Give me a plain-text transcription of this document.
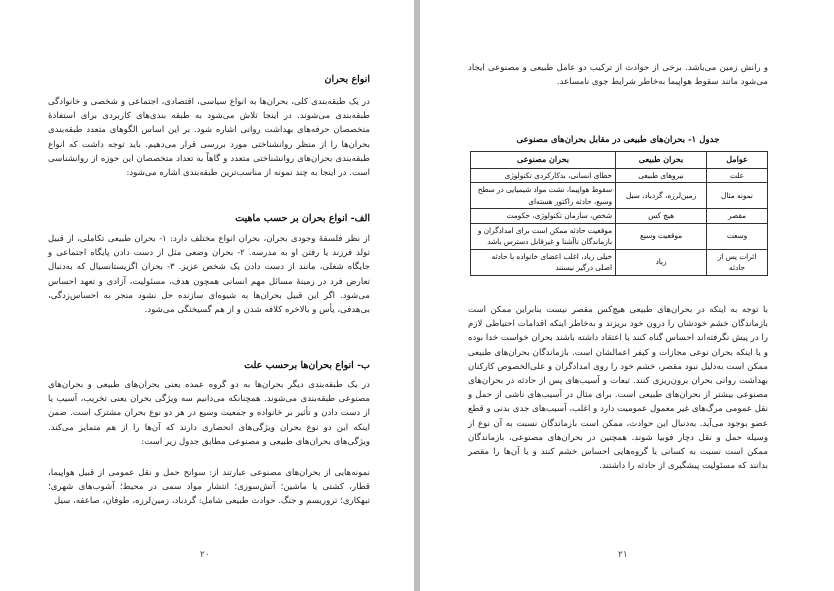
انواع بحران
در یک طبقه‌بندی کلی، بحران‌ها به انواع سیاسی، اقتصادی، اجتماعی و شخصی و خانوادگی طبقه‌بندی می‌شوند. در اینجا تلاش می‌شود به طبقه بندی‌های کاربردی برای استفادهٔ متخصصان حرفه‌های بهداشت روانی اشاره شود. بر این اساس الگوهای متعدد طبقه‌بندی بحران‌ها را از منظر روانشناختی مورد بررسی قرار می‌دهیم. باید توجه داشت که انواع طبقه‌بندی بحران‌های روانشناختی متعدد و گاهاً به تعداد متخصصان این حوزه از روانشناسی است. در اینجا به چند نمونه از مناسب‌ترین طبقه‌بندی اشاره می‌شود:
الف- انواع بحران بر حسب ماهیت
از نظر فلسفهٔ وجودی بحران، بحران انواع مختلف دارد: ۱- بحران طبیعی تکاملی، از قبیل تولد فرزند یا رفتن او به مدرسه. ۲- بحران وضعی مثل از دست دادن پایگاه اجتماعی و جایگاه شغلی، مانند از دست دادن یک شخص عزیز. ۳- بحران اگزیستانسیال که به‌دنبال تعارض فرد در زمینهٔ مسائل مهم انسانی همچون هدف، مسئولیت، آزادی و تعهد احساس می‌شود. اگر این قبیل بحران‌ها به شیوه‌ای سازنده حل نشود منجر به احساس‌زدگی، بی‌هدفی، یأس و بالاخره کلافه شدن و از هم گسیختگی می‌شود.
ب- انواع بحران‌ها برحسب علت
در یک طبقه‌بندی دیگر بحران‌ها به دو گروه عمده یعنی بحران‌های طبیعی و بحران‌های مصنوعی طبقه‌بندی می‌شوند. همچنانکه می‌دانیم سه ویژگی بحران یعنی تخریب، آسیب یا از دست دادن و تأثیر بر خانواده و جمعیت وسیع در هر دو نوع بحران مشترک است. ضمن اینکه این دو نوع بحران ویژگی‌های انحصاری دارند که آن‌ها را از هم متمایز می‌کند. ویژگی‌های بحران‌های طبیعی و مصنوعی مطابق جدول زیر است:
نمونه‌هایی از بحران‌های مصنوعی عبارتند از: سوانح حمل و نقل عمومی از قبیل هواپیما، قطار، کشتی یا ماشین؛ آتش‌سوزی؛ انتشار مواد سمی در محیط؛ آشوب‌های شهری؛ تبهکاری؛ تروریسم و جنگ. حوادث طبیعی شامل: گردباد، زمین‌لرزه، طوفان، صاعقه، سیل
۲۰
و رانش زمین می‌باشد. برخی از حوادث از ترکیب دو عامل طبیعی و مصنوعی ایجاد می‌شود مانند سقوط هواپیما به‌خاطر شرایط جوی نامساعد.
جدول ۱- بحران‌های طبیعی در مقابل بحران‌های مصنوعی
عوامل	بحران طبیعی	بحران مصنوعی
علت	نیروهای طبیعی	خطای انسانی، بدکارکردی تکنولوژی
نمونه مثال	زمین‌لرزه، گردباد، سیل	سقوط هواپیما، نشت مواد شیمیایی در سطح وسیع، حادثه راکتور هسته‌ای
مقصر	هیچ کس	شخص، سازمان تکنولوژی، حکومت
وسعت	موقعیت وسیع	موقعیت حادثه ممکن است برای امدادگران و بازماندگان ناآشنا و غیرقابل دسترس باشد
اثرات پس از حادثه	زیاد	خیلی زیاد، اغلب اعضای خانواده با حادثه اصلی درگیر نیستند
با توجه به اینکه در بحران‌های طبیعی هیچ‌کس مقصر نیست بنابراین ممکن است بازماندگان خشم خودشان را درون خود بریزند و به‌خاطر اینکه اقدامات احتیاطی لازم را در پیش نگرفته‌اند احساس گناه کنند یا اعتقاد داشته باشند بحران خواست خدا بوده و یا اینکه بحران نوعی مجازات و کیفر اعمالشان است. بازماندگان بحران‌های طبیعی ممکن است به‌دلیل نبود مقصر، خشم خود را روی امدادگران و علی‌الخصوص کارکنان بهداشت روانی بحران برون‌ریزی کنند. تبعات و آسیب‌های پس از حادثه در بحران‌های مصنوعی بیشتر از بحران‌های طبیعی است. برای مثال در آسیب‌های ناشی از حمل و نقل عمومی مرگ‌های غیر معمول عمومیت دارد و اغلب، آسیب‌های جدی بدنی و قطع عضو بوجود می‌آید. به‌دنبال این حوادث، ممکن است بازماندگان نسبت به آن نوع از وسیله حمل و نقل دچار فوبیا شوند. همچنین در بحران‌های مصنوعی، بازماندگان ممکن است نسبت به کسانی یا گروه‌هایی احساس خشم کنند و یا آن‌ها را مقصر بدانند که مسئولیت پیشگیری از حادثه را داشتند.
۲۱
